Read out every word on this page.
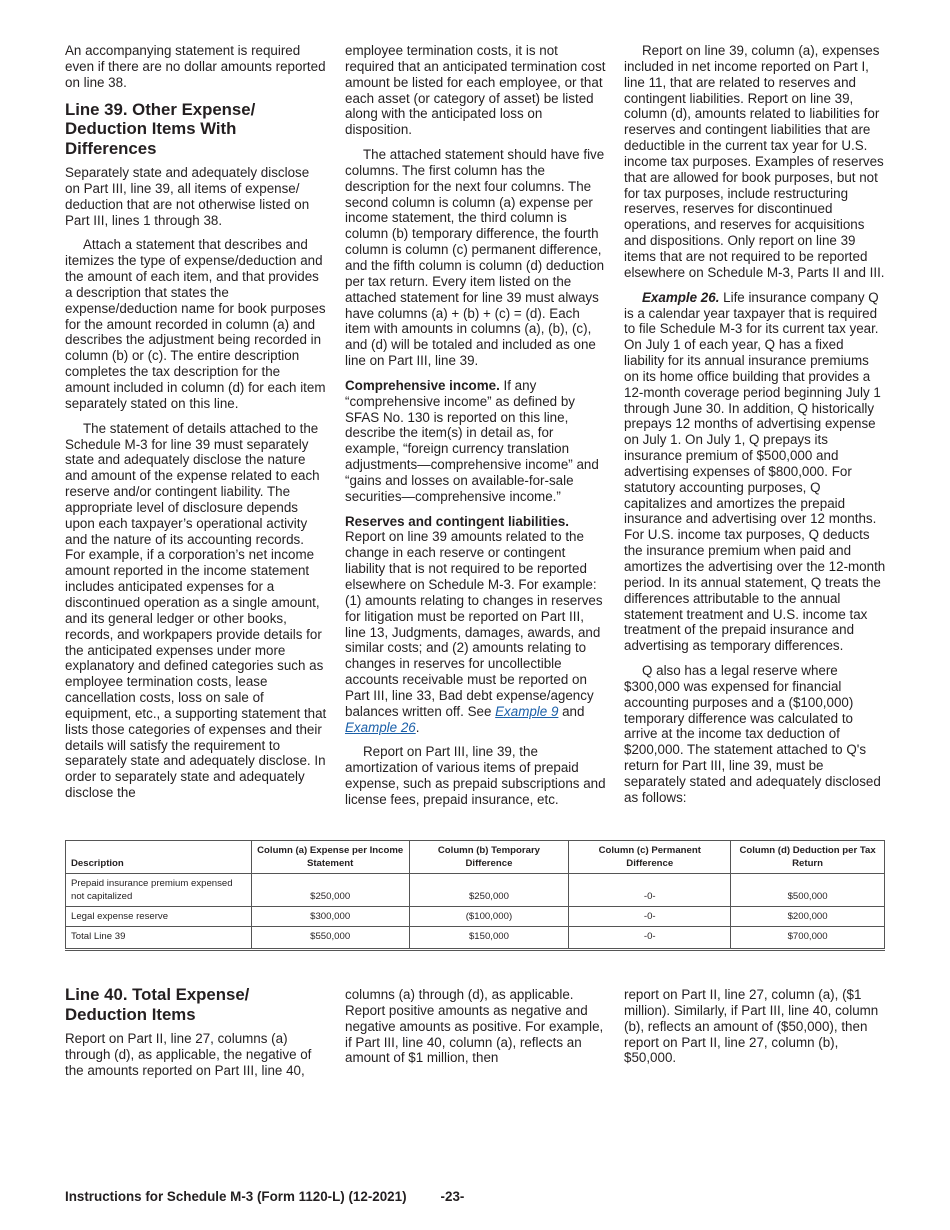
An accompanying statement is required even if there are no dollar amounts reported on line 38.

Line 39. Other Expense/ Deduction Items With Differences

Separately state and adequately disclose on Part III, line 39, all items of expense/ deduction that are not otherwise listed on Part III, lines 1 through 38.

Attach a statement that describes and itemizes the type of expense/deduction and the amount of each item, and that provides a description that states the expense/deduction name for book purposes for the amount recorded in column (a) and describes the adjustment being recorded in column (b) or (c). The entire description completes the tax description for the amount included in column (d) for each item separately stated on this line.

The statement of details attached to the Schedule M-3 for line 39 must separately state and adequately disclose the nature and amount of the expense related to each reserve and/or contingent liability. The appropriate level of disclosure depends upon each taxpayer’s operational activity and the nature of its accounting records. For example, if a corporation’s net income amount reported in the income statement includes anticipated expenses for a discontinued operation as a single amount, and its general ledger or other books, records, and workpapers provide details for the anticipated expenses under more explanatory and defined categories such as employee termination costs, lease cancellation costs, loss on sale of equipment, etc., a supporting statement that lists those categories of expenses and their details will satisfy the requirement to separately state and adequately disclose. In order to separately state and adequately disclose the

employee termination costs, it is not required that an anticipated termination cost amount be listed for each employee, or that each asset (or category of asset) be listed along with the anticipated loss on disposition.

The attached statement should have five columns. The first column has the description for the next four columns. The second column is column (a) expense per income statement, the third column is column (b) temporary difference, the fourth column is column (c) permanent difference, and the fifth column is column (d) deduction per tax return. Every item listed on the attached statement for line 39 must always have columns (a) + (b) + (c) = (d). Each item with amounts in columns (a), (b), (c), and (d) will be totaled and included as one line on Part III, line 39.

Comprehensive income. If any “comprehensive income” as defined by SFAS No. 130 is reported on this line, describe the item(s) in detail as, for example, “foreign currency translation adjustments—comprehensive income” and “gains and losses on available-for-sale securities—comprehensive income.”

Reserves and contingent liabilities. Report on line 39 amounts related to the change in each reserve or contingent liability that is not required to be reported elsewhere on Schedule M-3. For example: (1) amounts relating to changes in reserves for litigation must be reported on Part III, line 13, Judgments, damages, awards, and similar costs; and (2) amounts relating to changes in reserves for uncollectible accounts receivable must be reported on Part III, line 33, Bad debt expense/agency balances written off. See Example 9 and Example 26.

Report on Part III, line 39, the amortization of various items of prepaid expense, such as prepaid subscriptions and license fees, prepaid insurance, etc.

Report on line 39, column (a), expenses included in net income reported on Part I, line 11, that are related to reserves and contingent liabilities. Report on line 39, column (d), amounts related to liabilities for reserves and contingent liabilities that are deductible in the current tax year for U.S. income tax purposes. Examples of reserves that are allowed for book purposes, but not for tax purposes, include restructuring reserves, reserves for discontinued operations, and reserves for acquisitions and dispositions. Only report on line 39 items that are not required to be reported elsewhere on Schedule M-3, Parts II and III.

Example 26. Life insurance company Q is a calendar year taxpayer that is required to file Schedule M-3 for its current tax year. On July 1 of each year, Q has a fixed liability for its annual insurance premiums on its home office building that provides a 12-month coverage period beginning July 1 through June 30. In addition, Q historically prepays 12 months of advertising expense on July 1. On July 1, Q prepays its insurance premium of $500,000 and advertising expenses of $800,000. For statutory accounting purposes, Q capitalizes and amortizes the prepaid insurance and advertising over 12 months. For U.S. income tax purposes, Q deducts the insurance premium when paid and amortizes the advertising over the 12-month period. In its annual statement, Q treats the differences attributable to the annual statement treatment and U.S. income tax treatment of the prepaid insurance and advertising as temporary differences.

Q also has a legal reserve where $300,000 was expensed for financial accounting purposes and a ($100,000) temporary difference was calculated to arrive at the income tax deduction of $200,000. The statement attached to Q's return for Part III, line 39, must be separately stated and adequately disclosed as follows:

Description	Column (a) Expense per Income Statement	Column (b) Temporary Difference	Column (c) Permanent Difference	Column (d) Deduction per Tax Return
Prepaid insurance premium expensed not capitalized	$250,000	$250,000	-0-	$500,000
Legal expense reserve	$300,000	($100,000)	-0-	$200,000
Total Line 39	$550,000	$150,000	-0-	$700,000
Line 40. Total Expense/ Deduction Items

Report on Part II, line 27, columns (a) through (d), as applicable, the negative of the amounts reported on Part III, line 40,

columns (a) through (d), as applicable. Report positive amounts as negative and negative amounts as positive. For example, if Part III, line 40, column (a), reflects an amount of $1 million, then

report on Part II, line 27, column (a), ($1 million). Similarly, if Part III, line 40, column (b), reflects an amount of ($50,000), then report on Part II, line 27, column (b), $50,000.

Instructions for Schedule M-3 (Form 1120-L) (12-2021)	-23-
